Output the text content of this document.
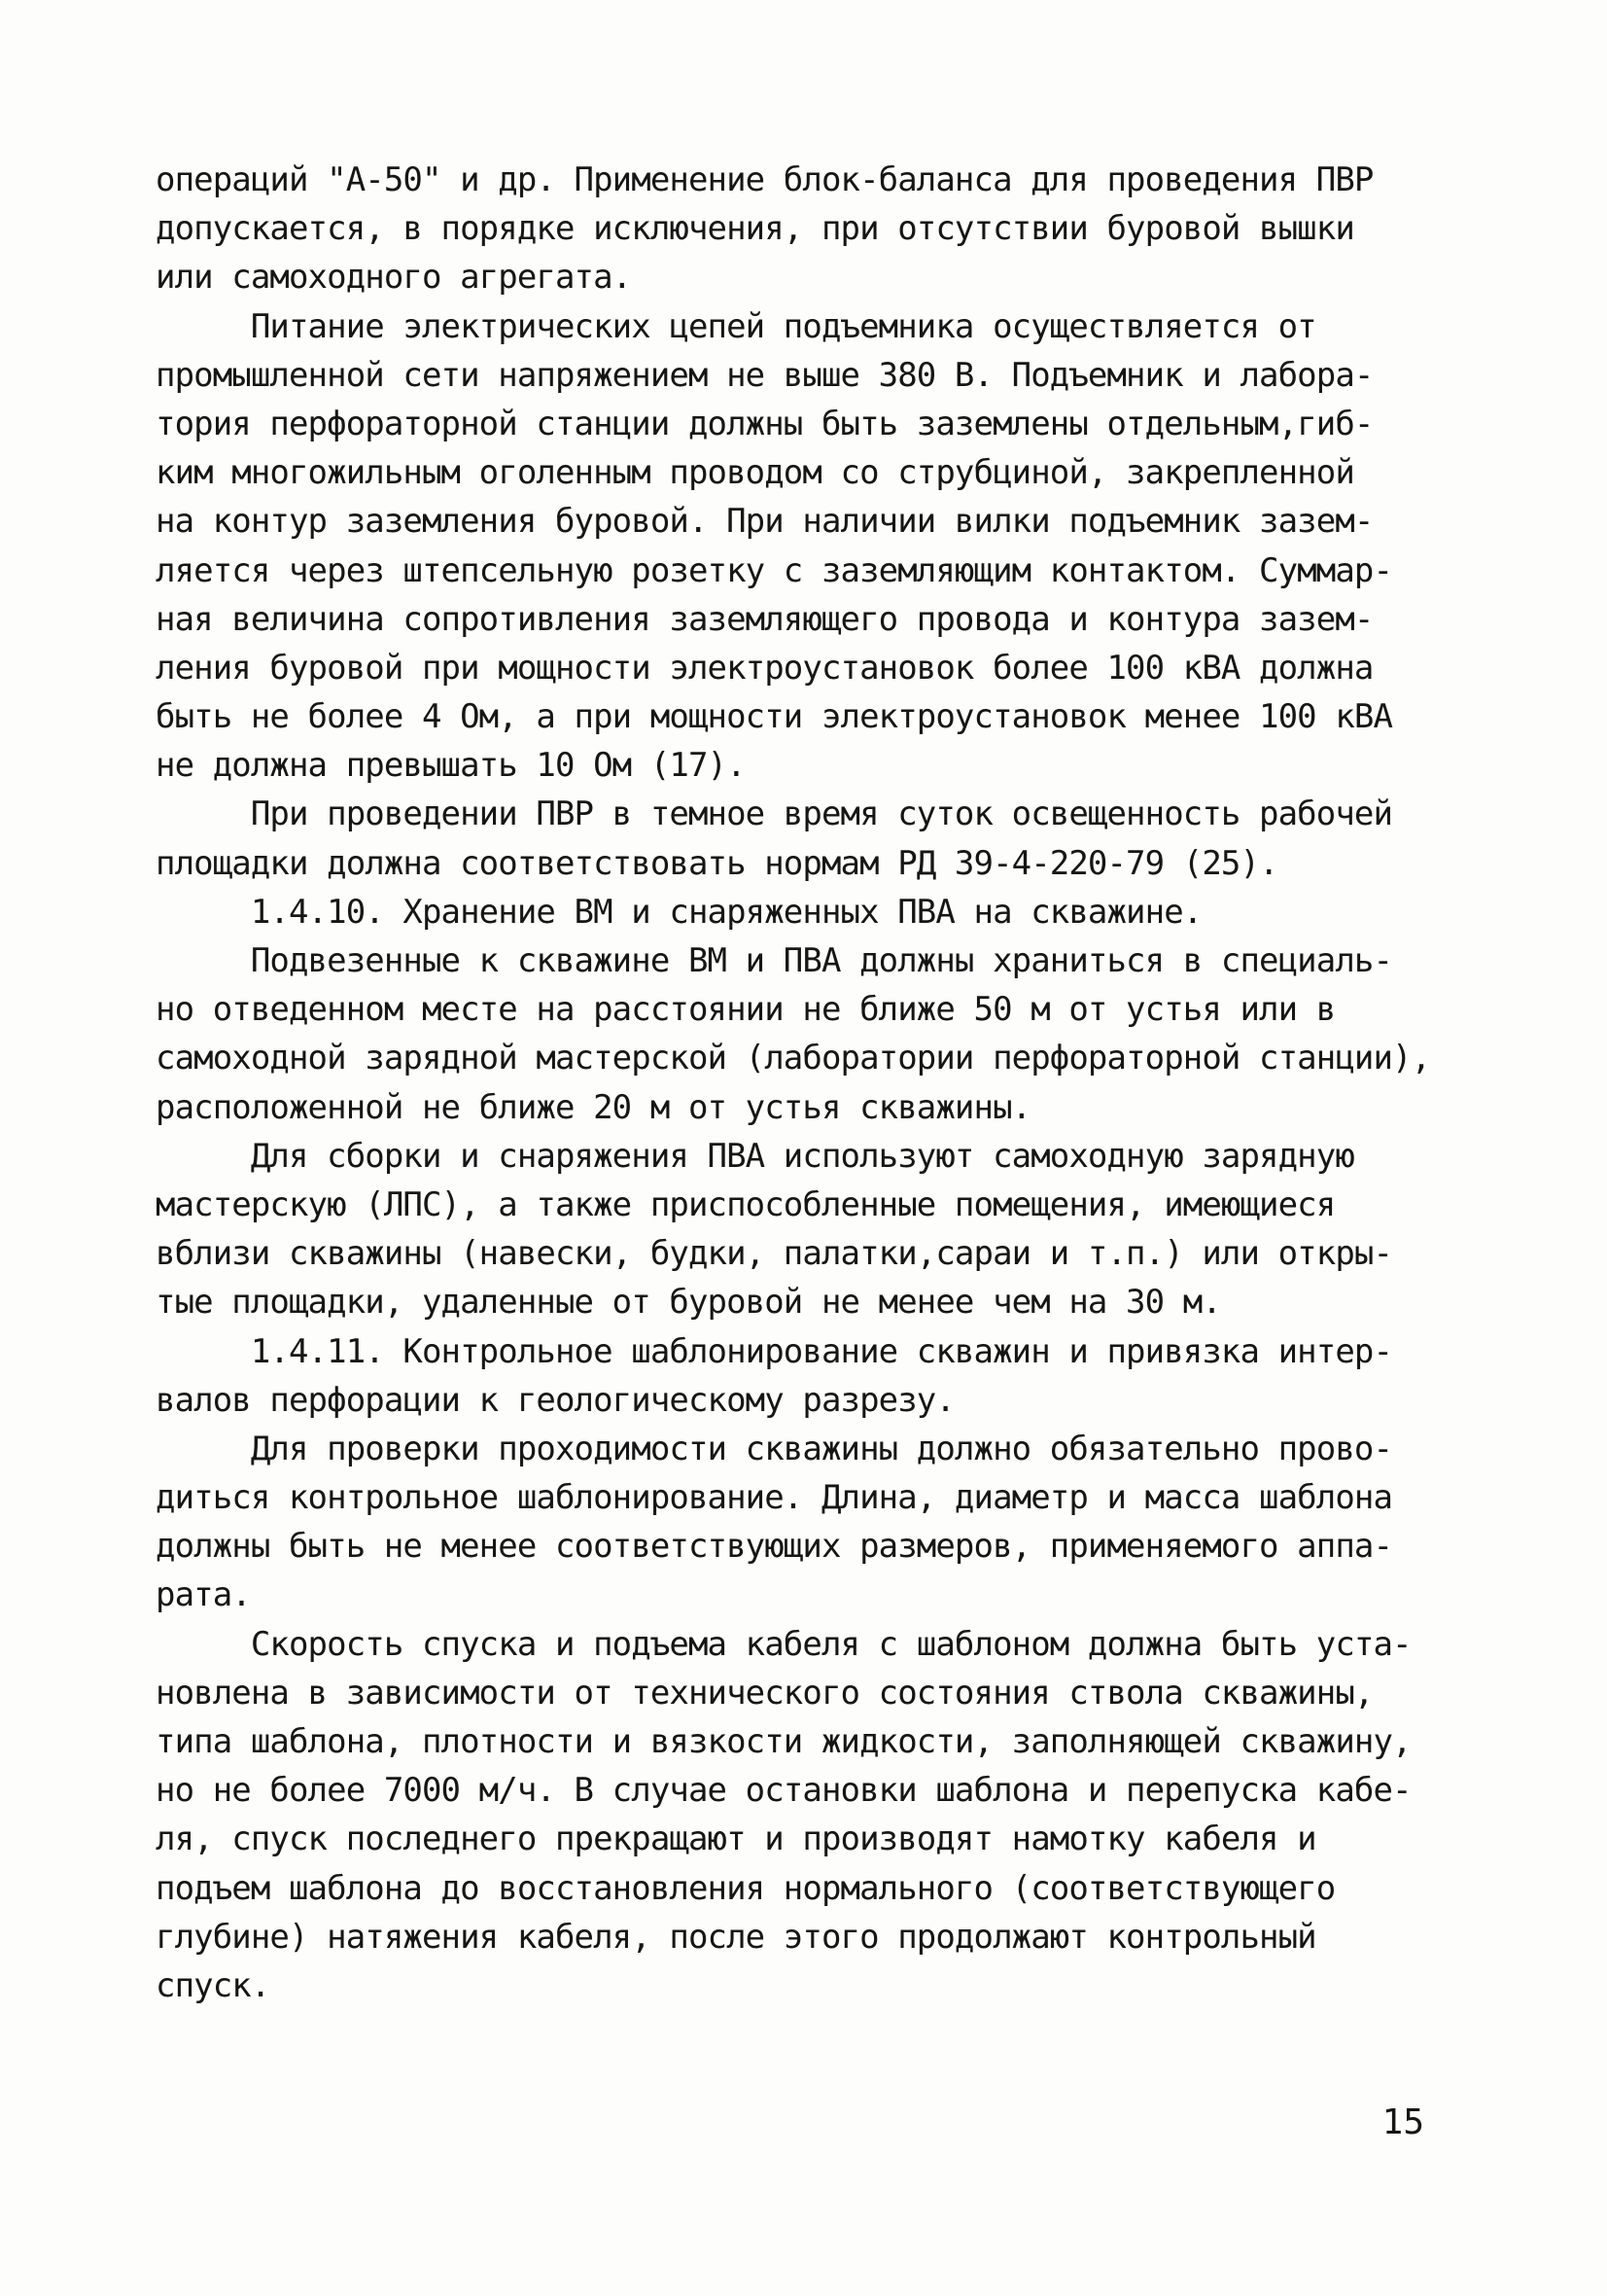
операций "А-50" и др. Применение блок-баланса для проведения ПВР
допускается, в порядке исключения, при отсутствии буровой вышки
или самоходного агрегата.
Питание электрических цепей подъемника осуществляется от
промышленной сети напряжением не выше 380 В. Подъемник и лабора-
тория перфораторной станции должны быть заземлены отдельным,гиб-
ким многожильным оголенным проводом со струбциной, закрепленной
на контур заземления буровой. При наличии вилки подъемник зазем-
ляется через штепсельную розетку с заземляющим контактом. Суммар-
ная величина сопротивления заземляющего провода и контура зазем-
ления буровой при мощности электроустановок более 100 кВА должна
быть не более 4 Ом, а при мощности электроустановок менее 100 кВА
не должна превышать 10 Ом (17).
При проведении ПВР в темное время суток освещенность рабочей
площадки должна соответствовать нормам РД 39-4-220-79 (25).
1.4.10. Хранение ВМ и снаряженных ПВА на скважине.
Подвезенные к скважине ВМ и ПВА должны храниться в специаль-
но отведенном месте на расстоянии не ближе 50 м от устья или в
самоходной зарядной мастерской (лаборатории перфораторной станции),
расположенной не ближе 20 м от устья скважины.
Для сборки и снаряжения ПВА используют самоходную зарядную
мастерскую (ЛПС), а также приспособленные помещения, имеющиеся
вблизи скважины (навески, будки, палатки,сараи и т.п.) или откры-
тые площадки, удаленные от буровой не менее чем на 30 м.
1.4.11. Контрольное шаблонирование скважин и привязка интер-
валов перфорации к геологическому разрезу.
Для проверки проходимости скважины должно обязательно прово-
диться контрольное шаблонирование. Длина, диаметр и масса шаблона
должны быть не менее соответствующих размеров, применяемого аппа-
рата.
Скорость спуска и подъема кабеля с шаблоном должна быть уста-
новлена в зависимости от технического состояния ствола скважины,
типа шаблона, плотности и вязкости жидкости, заполняющей скважину,
но не более 7000 м/ч. В случае остановки шаблона и перепуска кабе-
ля, спуск последнего прекращают и производят намотку кабеля и
подъем шаблона до восстановления нормального (соответствующего
глубине) натяжения кабеля, после этого продолжают контрольный
спуск.
15
